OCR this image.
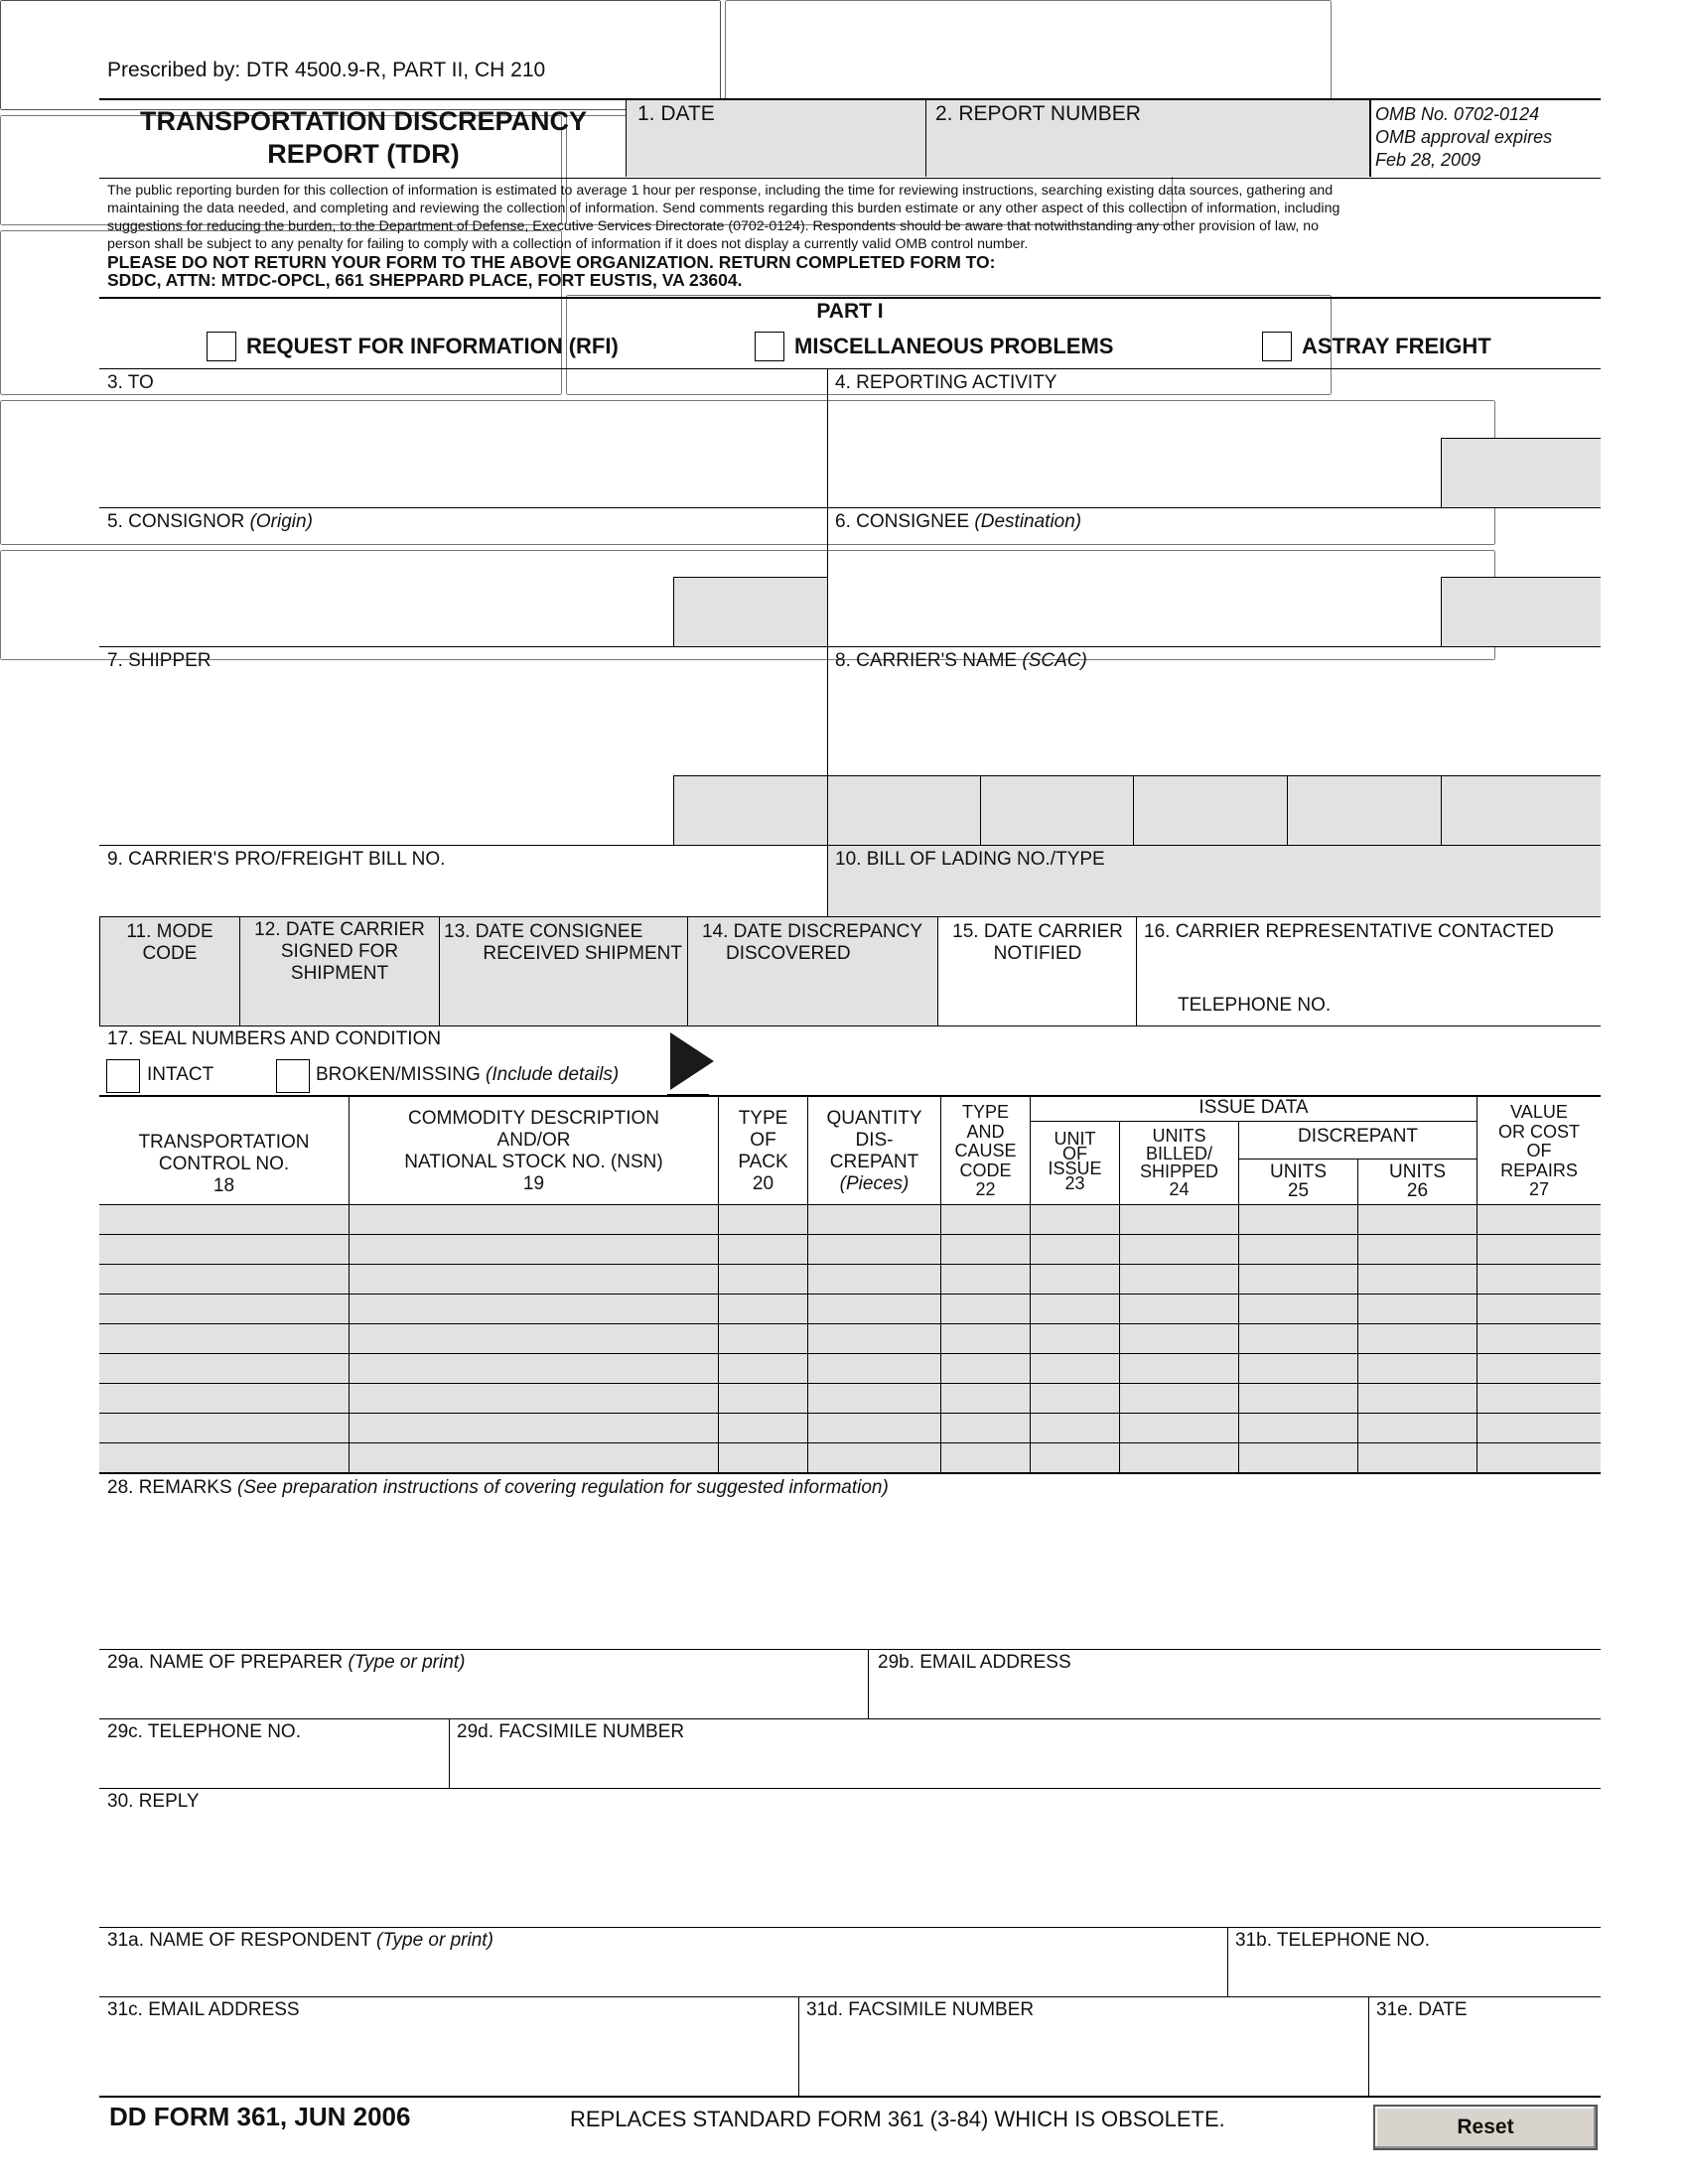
Prescribed by: DTR 4500.9-R, PART II, CH 210
TRANSPORTATION DISCREPANCY
REPORT (TDR)
1. DATE	2. REPORT NUMBER	OMB No. 0702-0124
OMB approval expires
Feb 28, 2009
The public reporting burden for this collection of information is estimated to average 1 hour per response, including the time for reviewing instructions, searching existing data sources, gathering and
maintaining the data needed, and completing and reviewing the collection of information. Send comments regarding this burden estimate or any other aspect of this collection of information, including
suggestions for reducing the burden, to the Department of Defense, Executive Services Directorate (0702-0124). Respondents should be aware that notwithstanding any other provision of law, no
person shall be subject to any penalty for failing to comply with a collection of information if it does not display a currently valid OMB control number.
PLEASE DO NOT RETURN YOUR FORM TO THE ABOVE ORGANIZATION. RETURN COMPLETED FORM TO:
SDDC, ATTN: MTDC-OPCL, 661 SHEPPARD PLACE, FORT EUSTIS, VA 23604.
PART I
REQUEST FOR INFORMATION (RFI)	MISCELLANEOUS PROBLEMS	ASTRAY FREIGHT
3. TO
	4. REPORTING ACTIVITY

5. CONSIGNOR (Origin)
	6. CONSIGNEE (Destination)

7. SHIPPER
	8. CARRIER'S NAME (SCAC)

9. CARRIER'S PRO/FREIGHT BILL NO.	10. BILL OF LADING NO./TYPE
11. MODE
CODE
12. DATE CARRIER
SIGNED FOR
SHIPMENT
13. DATE CONSIGNEE
RECEIVED SHIPMENT
14. DATE DISCREPANCY
DISCOVERED
15. DATE CARRIER
NOTIFIED
16. CARRIER REPRESENTATIVE CONTACTED
TELEPHONE NO.
17. SEAL NUMBERS AND CONDITION
INTACT	BROKEN/MISSING (Include details)
TRANSPORTATION
CONTROL NO.
18
COMMODITY DESCRIPTION
AND/OR
NATIONAL STOCK NO. (NSN)
19
TYPE
OF
PACK
20
QUANTITY
DIS-
CREPANT
(Pieces)
TYPE
AND
CAUSE
CODE
22
ISSUE DATA
UNIT
OF
ISSUE
23
UNITS
BILLED/
SHIPPED
24
DISCREPANT
UNITS
25
UNITS
26
VALUE
OR COST
OF
REPAIRS
27
28. REMARKS (See preparation instructions of covering regulation for suggested information)

29a. NAME OF PREPARER (Type or print)	29b. EMAIL ADDRESS
29c. TELEPHONE NO.	29d. FACSIMILE NUMBER
30. REPLY
31a. NAME OF RESPONDENT (Type or print)	31b. TELEPHONE NO.
31c. EMAIL ADDRESS	31d. FACSIMILE NUMBER	31e. DATE
DD FORM 361, JUN 2006	REPLACES STANDARD FORM 361 (3-84) WHICH IS OBSOLETE.	Reset
